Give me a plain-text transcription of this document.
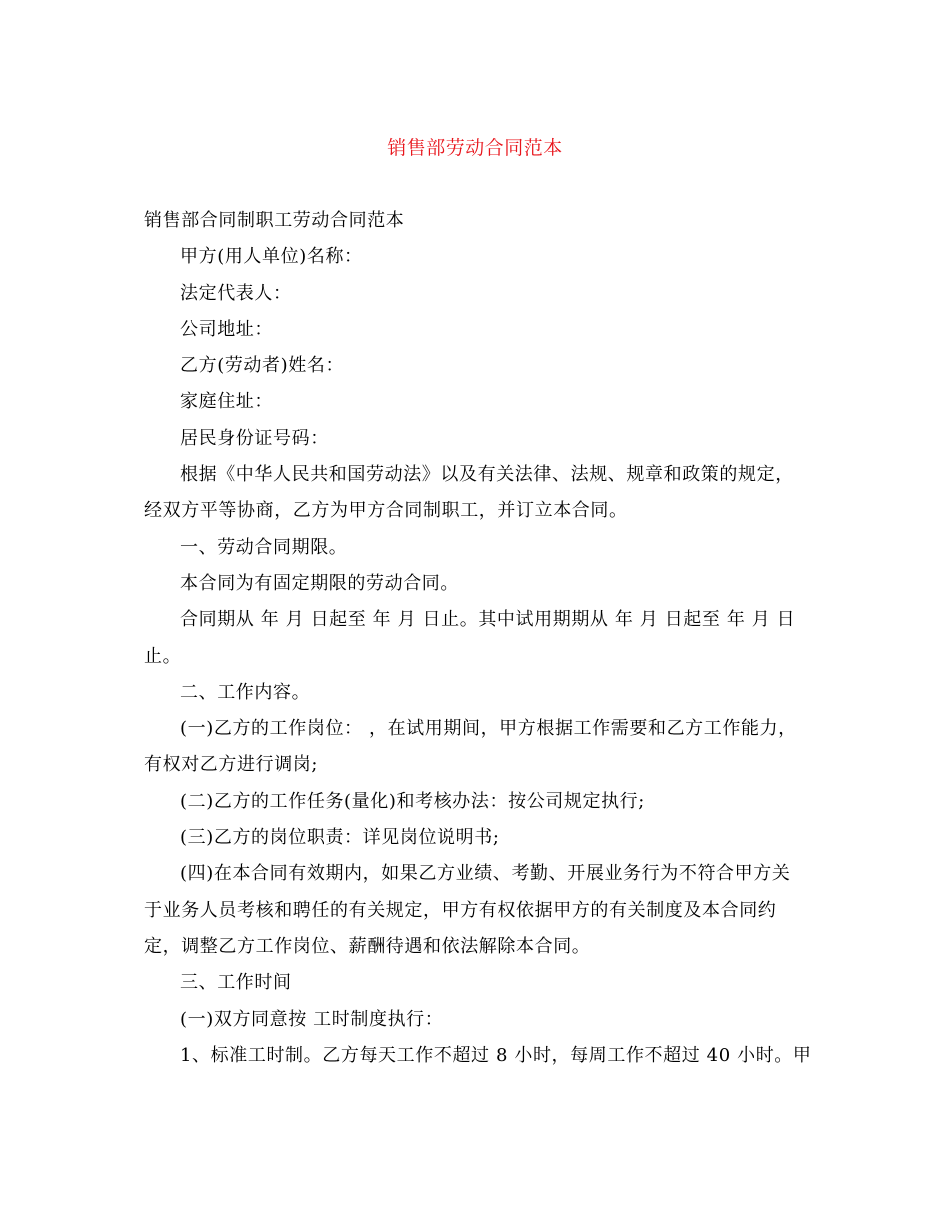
销售部劳动合同范本
销售部合同制职工劳动合同范本
甲方(用人单位)名称：
法定代表人：
公司地址：
乙方(劳动者)姓名：
家庭住址：
居民身份证号码：
根据《中华人民共和国劳动法》以及有关法律、法规、规章和政策的规定，
经双方平等协商，乙方为甲方合同制职工，并订立本合同。
一、劳动合同期限。
本合同为有固定期限的劳动合同。
合同期从 年 月 日起至 年 月 日止。其中试用期期从 年 月 日起至 年 月 日
止。
二、工作内容。
(一)乙方的工作岗位： ，在试用期间，甲方根据工作需要和乙方工作能力，
有权对乙方进行调岗;
(二)乙方的工作任务(量化)和考核办法：按公司规定执行;
(三)乙方的岗位职责：详见岗位说明书;
(四)在本合同有效期内，如果乙方业绩、考勤、开展业务行为不符合甲方关
于业务人员考核和聘任的有关规定，甲方有权依据甲方的有关制度及本合同约
定，调整乙方工作岗位、薪酬待遇和依法解除本合同。
三、工作时间
(一)双方同意按 工时制度执行：
1、标准工时制。乙方每天工作不超过 8 小时，每周工作不超过 40 小时。甲
